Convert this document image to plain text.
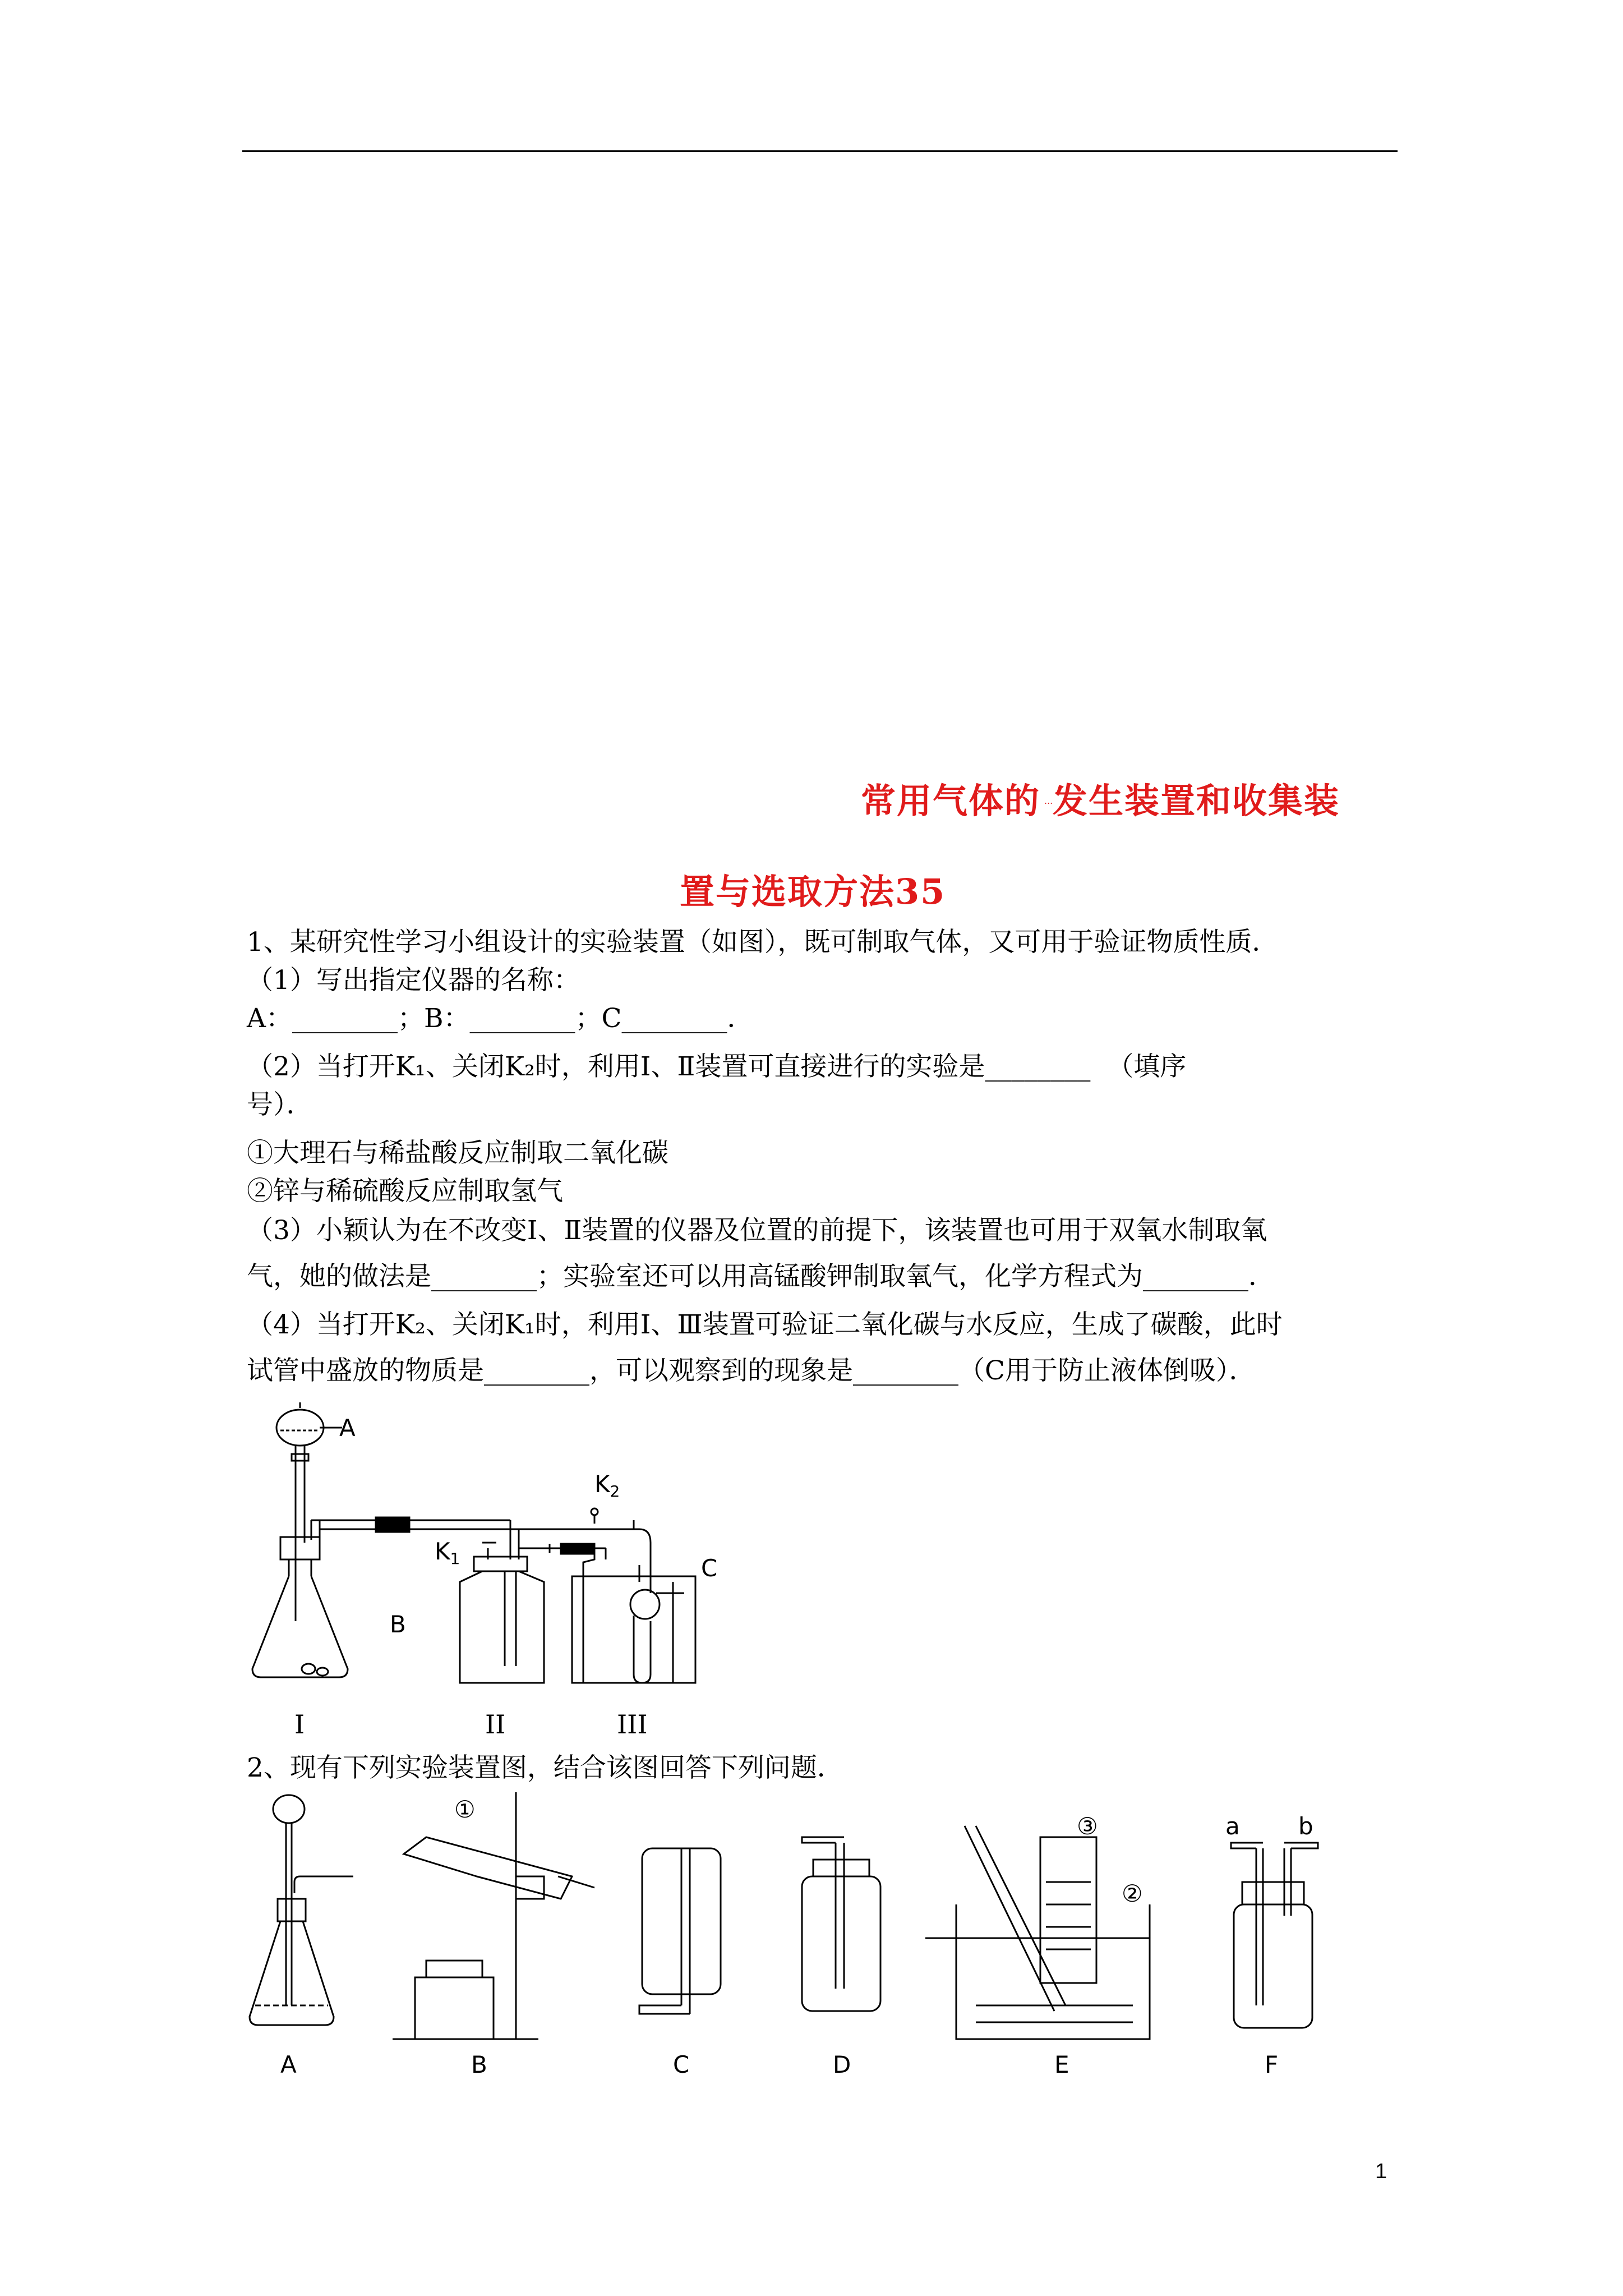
常用气体的 发生装置和收集装
...
置与选取方法35
1、某研究性学习小组设计的实验装置（如图），既可制取气体，又可用于验证物质性质．
（1）写出指定仪器的名称：
A：________；B：________；C________．
（2）当打开K₁、关闭K₂时，利用Ⅰ、Ⅱ装置可直接进行的实验是________  （填序
号）．
①大理石与稀盐酸反应制取二氧化碳
②锌与稀硫酸反应制取氢气
（3）小颖认为在不改变Ⅰ、Ⅱ装置的仪器及位置的前提下，该装置也可用于双氧水制取氧
气，她的做法是________；实验室还可以用高锰酸钾制取氧气，化学方程式为________．
（4）当打开K₂、关闭K₁时，利用Ⅰ、Ⅲ装置可验证二氧化碳与水反应，生成了碳酸，此时
试管中盛放的物质是________，可以观察到的现象是________（C用于防止液体倒吸）．
A
B
C
K1
K2
I	II	III
2、现有下列实验装置图，结合该图回答下列问题．
A	B	C	D	E	F
①
②
③	a b
1
